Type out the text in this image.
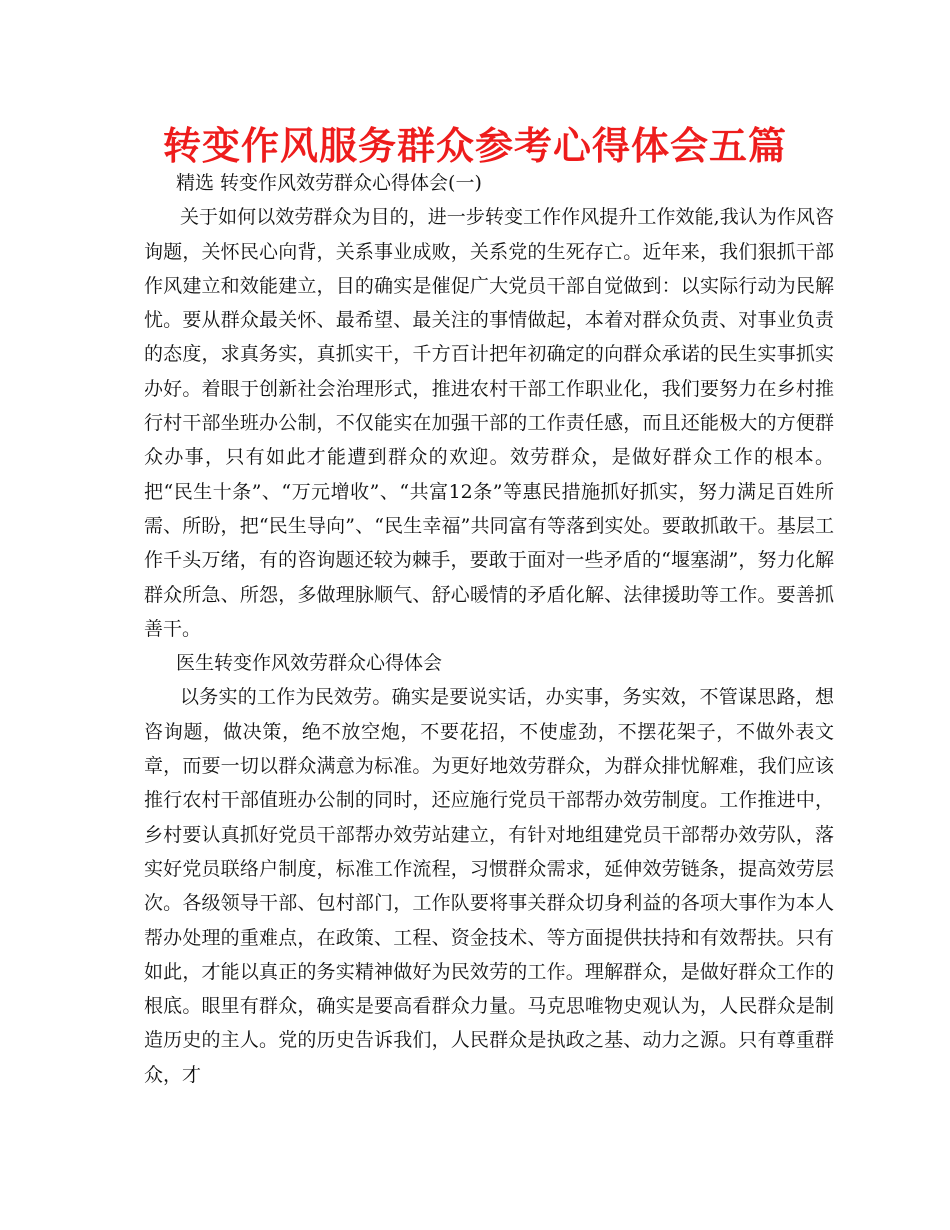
转变作风服务群众参考心得体会五篇

精选 转变作风效劳群众心得体会(一)

关于如何以效劳群众为目的，进一步转变工作作风提升工作效能,我认为作风咨询题，关怀民心向背，关系事业成败，关系党的生死存亡。近年来，我们狠抓干部作风建立和效能建立，目的确实是催促广大党员干部自觉做到：以实际行动为民解忧。要从群众最关怀、最希望、最关注的事情做起，本着对群众负责、对事业负责的态度，求真务实，真抓实干，千方百计把年初确定的向群众承诺的民生实事抓实办好。着眼于创新社会治理形式，推进农村干部工作职业化，我们要努力在乡村推行村干部坐班办公制，不仅能实在加强干部的工作责任感，而且还能极大的方便群众办事，只有如此才能遭到群众的欢迎。效劳群众，是做好群众工作的根本。把“民生十条”、“万元增收”、“共富12条”等惠民措施抓好抓实，努力满足百姓所需、所盼，把“民生导向”、“民生幸福”共同富有等落到实处。要敢抓敢干。基层工作千头万绪，有的咨询题还较为棘手，要敢于面对一些矛盾的“堰塞湖”，努力化解群众所急、所怨，多做理脉顺气、舒心暖情的矛盾化解、法律援助等工作。要善抓善干。

医生转变作风效劳群众心得体会

以务实的工作为民效劳。确实是要说实话，办实事，务实效，不管谋思路，想咨询题，做决策，绝不放空炮，不要花招，不使虚劲，不摆花架子，不做外表文章，而要一切以群众满意为标准。为更好地效劳群众，为群众排忧解难，我们应该推行农村干部值班办公制的同时，还应施行党员干部帮办效劳制度。工作推进中，乡村要认真抓好党员干部帮办效劳站建立，有针对地组建党员干部帮办效劳队，落实好党员联络户制度，标准工作流程，习惯群众需求，延伸效劳链条，提高效劳层次。各级领导干部、包村部门，工作队要将事关群众切身利益的各项大事作为本人帮办处理的重难点，在政策、工程、资金技术、等方面提供扶持和有效帮扶。只有如此，才能以真正的务实精神做好为民效劳的工作。理解群众，是做好群众工作的根底。眼里有群众，确实是要高看群众力量。马克思唯物史观认为，人民群众是制造历史的主人。党的历史告诉我们，人民群众是执政之基、动力之源。只有尊重群众，才
